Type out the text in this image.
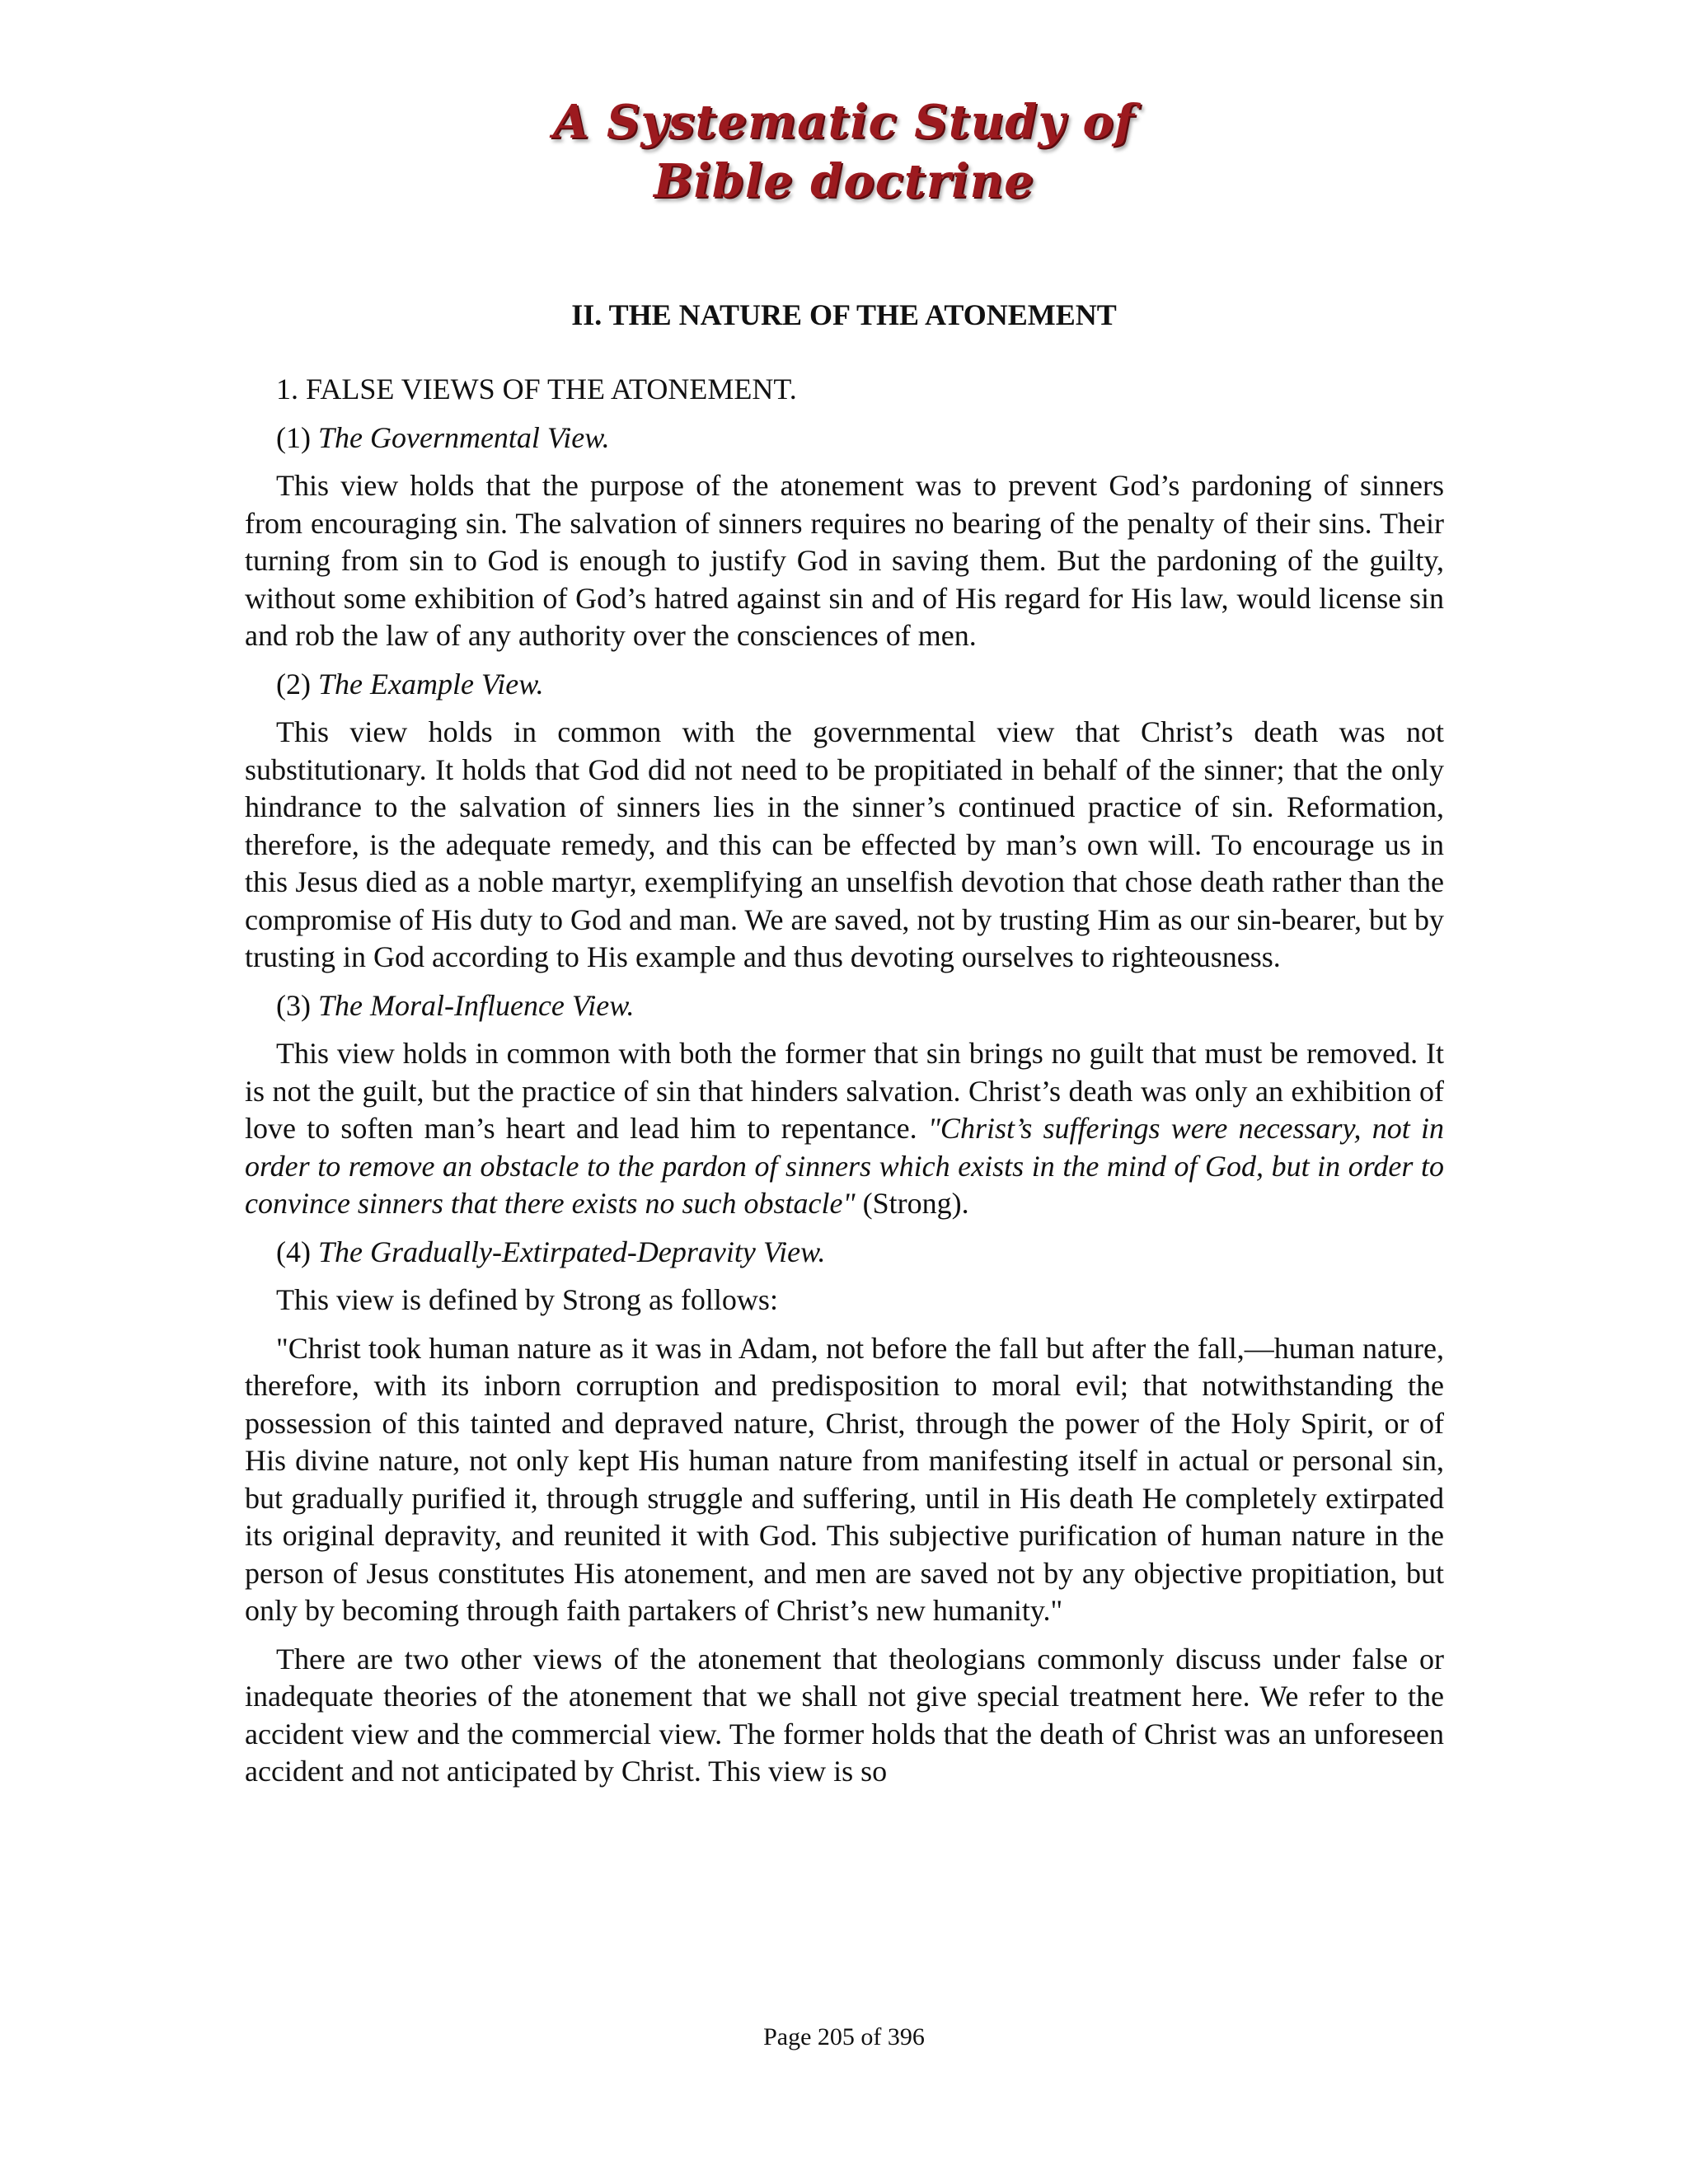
A Systematic Study of
Bible doctrine
II. THE NATURE OF THE ATONEMENT

1. FALSE VIEWS OF THE ATONEMENT.

(1) The Governmental View.

This view holds that the purpose of the atonement was to prevent God’s pardoning of sinners from encouraging sin. The salvation of sinners requires no bearing of the penalty of their sins. Their turning from sin to God is enough to justify God in saving them. But the pardoning of the guilty, without some exhibition of God’s hatred against sin and of His regard for His law, would license sin and rob the law of any authority over the consciences of men.

(2) The Example View.

This view holds in common with the governmental view that Christ’s death was not substitutionary. It holds that God did not need to be propitiated in behalf of the sinner; that the only hindrance to the salvation of sinners lies in the sinner’s continued practice of sin. Reformation, therefore, is the adequate remedy, and this can be effected by man’s own will. To encourage us in this Jesus died as a noble martyr, exemplifying an unselfish devotion that chose death rather than the compromise of His duty to God and man. We are saved, not by trusting Him as our sin-bearer, but by trusting in God according to His example and thus devoting ourselves to righteousness.

(3) The Moral-Influence View.

This view holds in common with both the former that sin brings no guilt that must be removed. It is not the guilt, but the practice of sin that hinders salvation. Christ’s death was only an exhibition of love to soften man’s heart and lead him to repentance. "Christ’s sufferings were necessary, not in order to remove an obstacle to the pardon of sinners which exists in the mind of God, but in order to convince sinners that there exists no such obstacle" (Strong).

(4) The Gradually-Extirpated-Depravity View.

This view is defined by Strong as follows:

"Christ took human nature as it was in Adam, not before the fall but after the fall,—human nature, therefore, with its inborn corruption and predisposition to moral evil; that notwithstanding the possession of this tainted and depraved nature, Christ, through the power of the Holy Spirit, or of His divine nature, not only kept His human nature from manifesting itself in actual or personal sin, but gradually purified it, through struggle and suffering, until in His death He completely extirpated its original depravity, and reunited it with God. This subjective purification of human nature in the person of Jesus constitutes His atonement, and men are saved not by any objective propitiation, but only by becoming through faith partakers of Christ’s new humanity."

There are two other views of the atonement that theologians commonly discuss under false or inadequate theories of the atonement that we shall not give special treatment here. We refer to the accident view and the commercial view. The former holds that the death of Christ was an unforeseen accident and not anticipated by Christ. This view is so

Page 205 of 396
